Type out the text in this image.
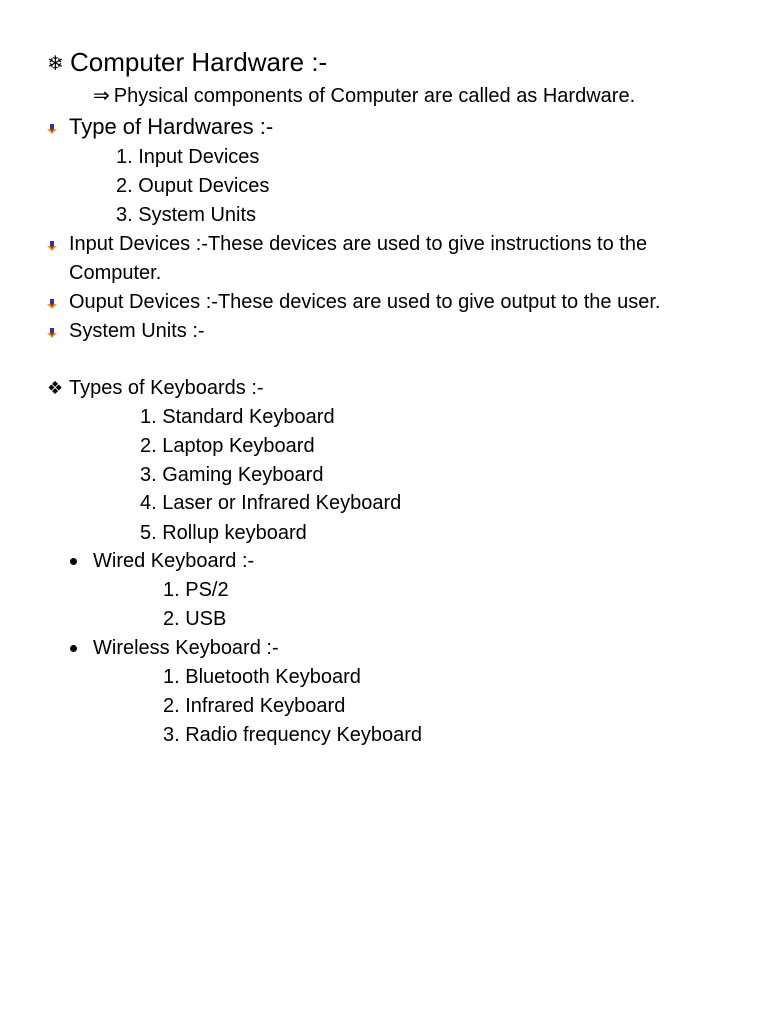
❄ Computer Hardware :-
⇒ Physical components of Computer are called as Hardware.
Type of Hardwares :-
1. Input Devices
2. Ouput Devices
3. System Units
Input Devices :-These devices are used to give instructions to the
Computer.
Ouput Devices :-These devices are used to give output to the user.
System Units :-
❖ Types of Keyboards :-
1. Standard Keyboard
2. Laptop Keyboard
3. Gaming Keyboard
4. Laser or Infrared Keyboard
5. Rollup keyboard
Wired Keyboard :-
1. PS/2
2. USB
Wireless Keyboard :-
1. Bluetooth Keyboard
2. Infrared Keyboard
3. Radio frequency Keyboard
